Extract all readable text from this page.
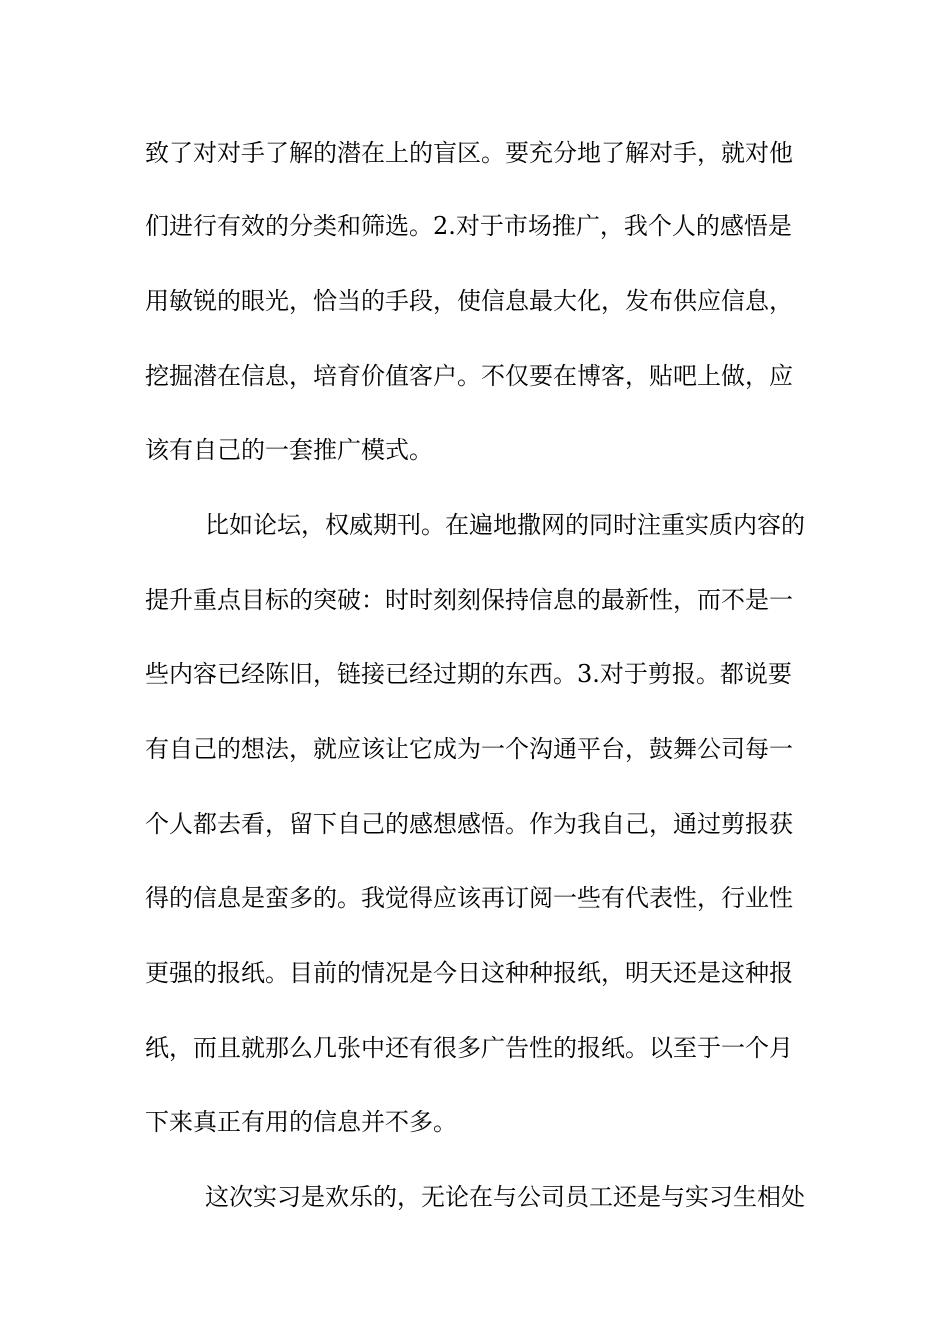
致了对对手了解的潜在上的盲区。要充分地了解对手，就对他
们进行有效的分类和筛选。2.对于市场推广，我个人的感悟是
用敏锐的眼光，恰当的手段，使信息最大化，发布供应信息，
挖掘潜在信息，培育价值客户。不仅要在博客，贴吧上做，应
该有自己的一套推广模式。
比如论坛，权威期刊。在遍地撒网的同时注重实质内容的
提升重点目标的突破：时时刻刻保持信息的最新性，而不是一
些内容已经陈旧，链接已经过期的东西。3.对于剪报。都说要
有自己的想法，就应该让它成为一个沟通平台，鼓舞公司每一
个人都去看，留下自己的感想感悟。作为我自己，通过剪报获
得的信息是蛮多的。我觉得应该再订阅一些有代表性，行业性
更强的报纸。目前的情况是今日这种种报纸，明天还是这种报
纸，而且就那么几张中还有很多广告性的报纸。以至于一个月
下来真正有用的信息并不多。
这次实习是欢乐的，无论在与公司员工还是与实习生相处
